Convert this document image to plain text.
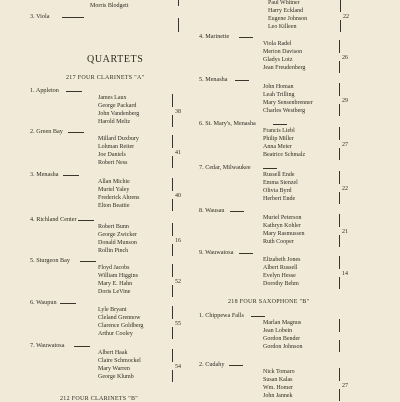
Morris Blodgett
3. Viola
QUARTETS
217 FOUR CLARINETS "A"
218 FOUR SAXOPHONE "B"
212 FOUR CLARINETS "B"
1. Appleton
James Laux
George Packard
John Vandenberg
Harold Meltz
38
2. Green Bay
Millard Duxbury
Lohman Reiter
Joe Daniels
Robert Ness
41
3. Menasha
Allan Michie
Muriel Yaley
Frederick Ahrens
Elton Beattie
40
4. Richland Center
Robert Bunn
George Zwicker
Donald Munson
Rollin Pinch
16
5. Sturgeon Bay
Floyd Jacobs
William Higgins
Mary E. Hahn
Doris LeVine
52
6. Waupun
Lyle Bryant
Cleland Grennow
Clarence Goldberg
Arthur Cooley
55
7. Wauwatosa
Albert Haak
Claire Schmockel
Mary Warren
George Klumb
54
Paul Whitner
Harry Eckland
Eugene Johnson
Leo Killeen
22
4. Marinette
Viola Radel
Merion Davison
Gladys Lotz
Jean Freudenberg
26
5. Menasha
John Homan
Leah Trilling
Mary Sensenbrenner
Charles Westberg
29
6. St. Mary's, Menasha
Francis Liebl
Philip Miller
Anna Meier
Beatrice Schmalz
27
7. Cedar, Milwaukee
Russell Ende
Emma Stenzel
Olivia Byrd
Herbert Ende
22
8. Wausau
Muriel Peterson
Kathryn Kohler
Mary Rasmussen
Ruth Cooper
21
9. Wauwatosa
Elizabeth Jones
Albert Russell
Evelyn Hesse
Dorothy Behm
14
1. Chippewa Falls
Marlan Magnus
Jean Lobein
Gordon Bender
Gordon Johnson
2. Cudahy
Nick Tomaro
Susan Kalas
Wm. Homer
John Jannek
27
